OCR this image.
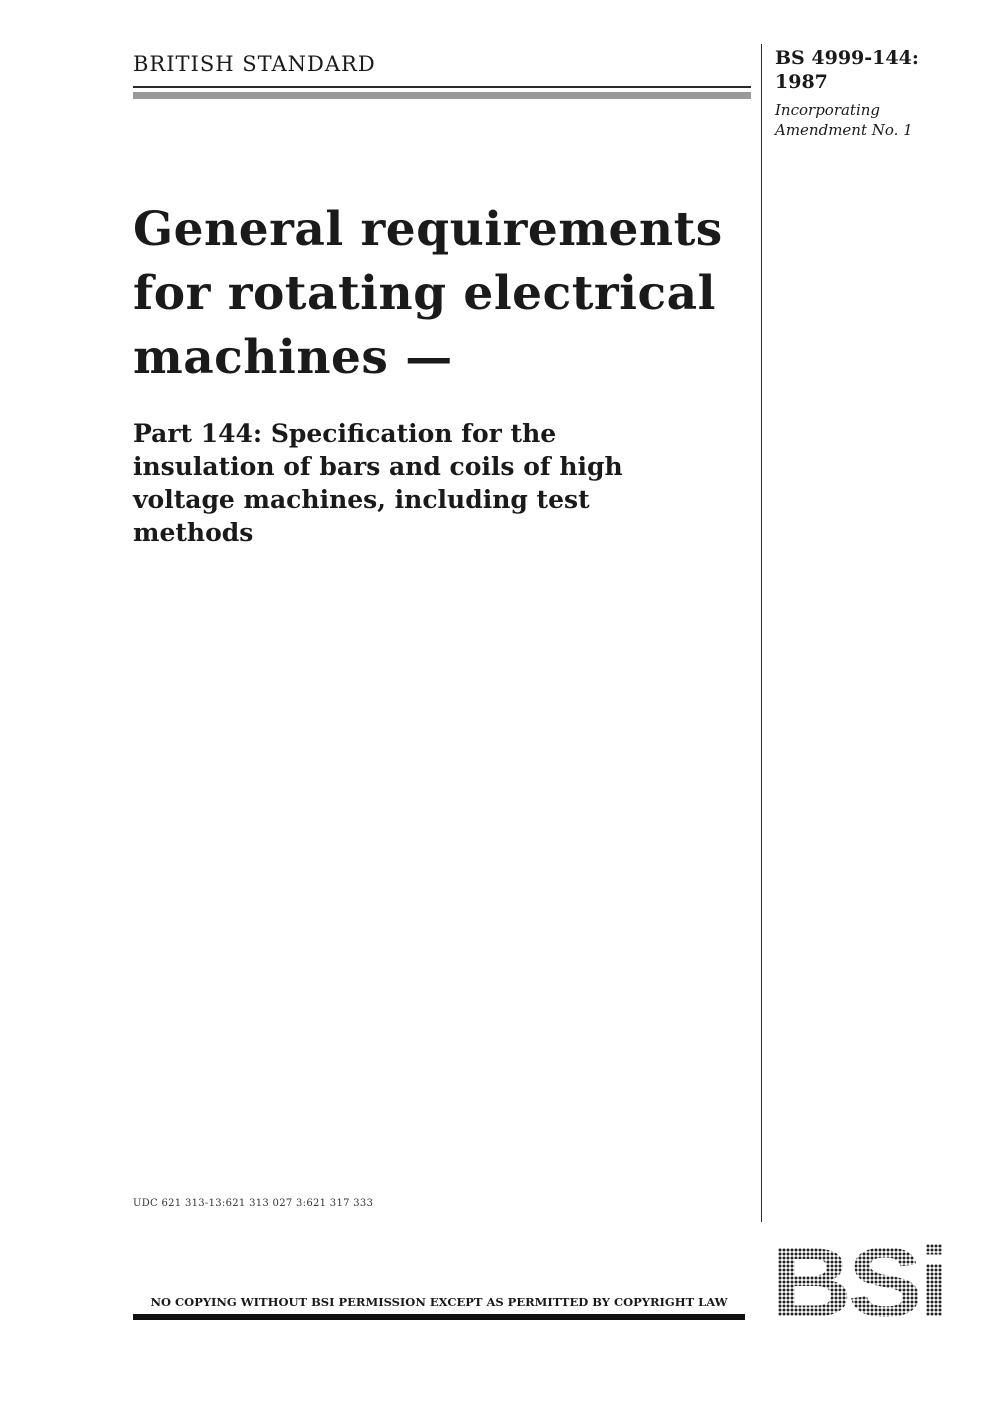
BRITISH STANDARD	BS 4999-144:
1987
Incorporating
Amendment No. 1
General requirements
for rotating electrical
machines —
Part 144: Specification for the
insulation of bars and coils of high
voltage machines, including test
methods
UDC 621 313-13:621 313 027 3:621 317 333
NO COPYING WITHOUT BSI PERMISSION EXCEPT AS PERMITTED BY COPYRIGHT LAW
